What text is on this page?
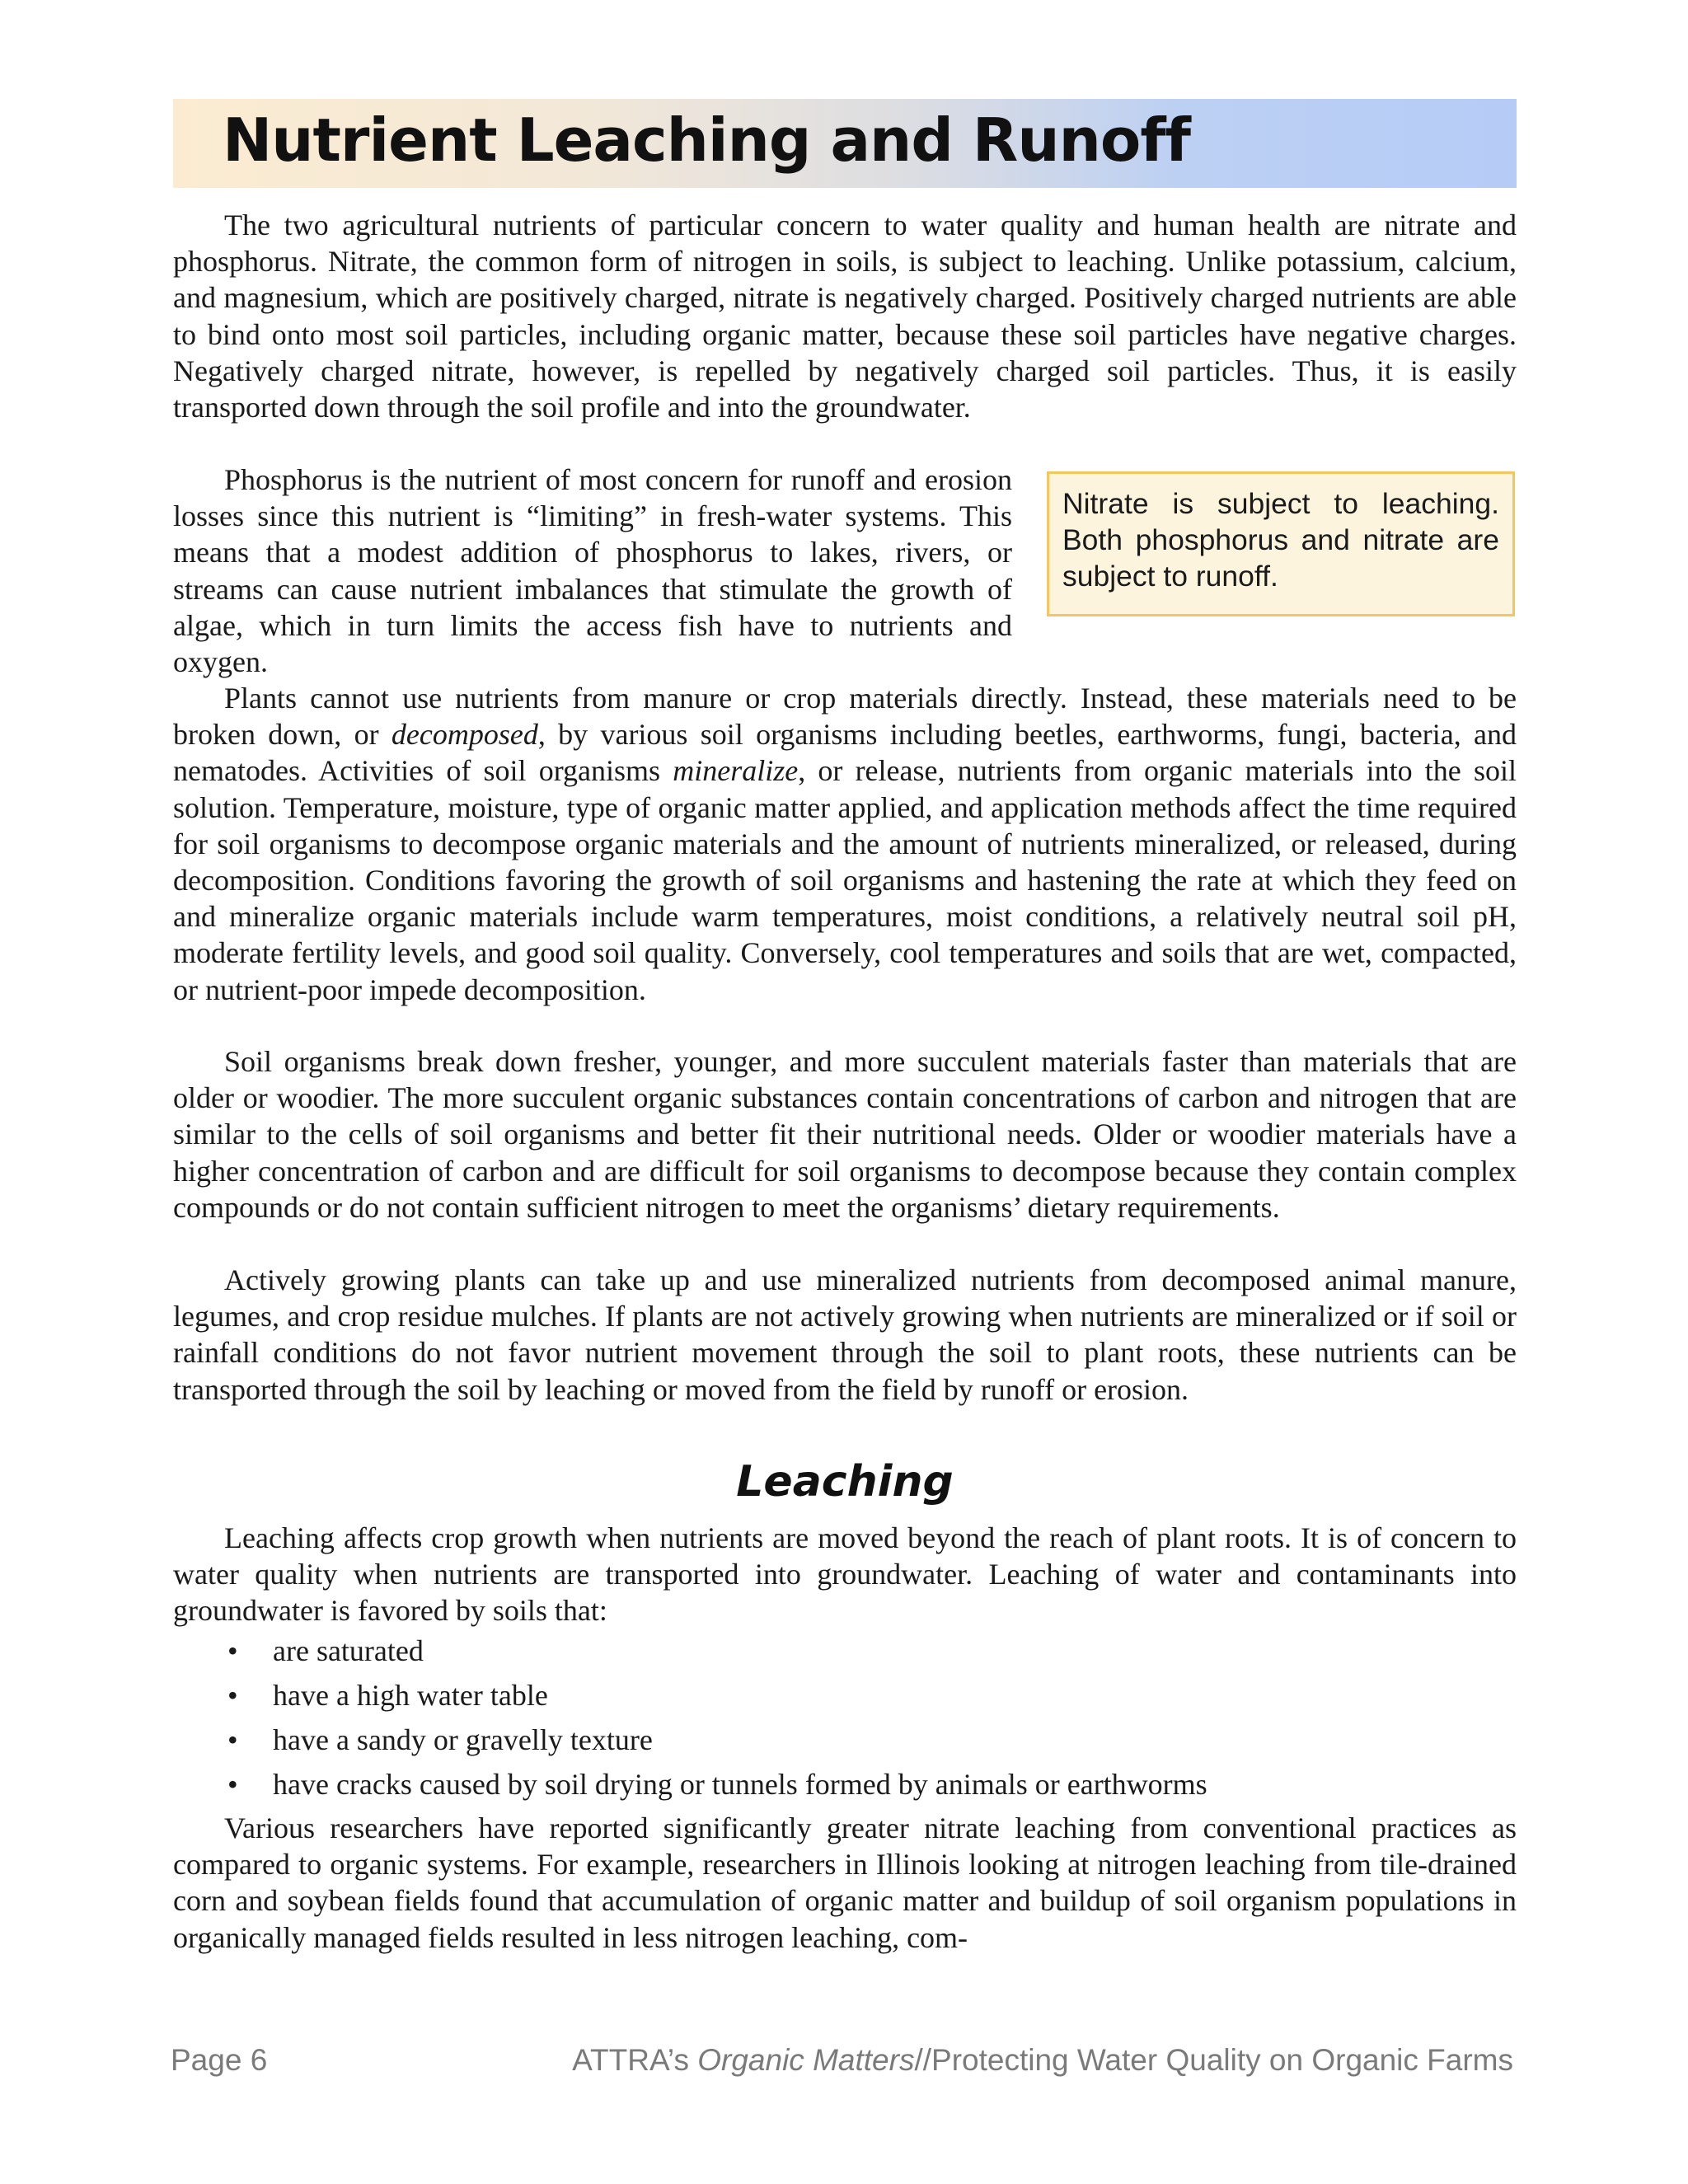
Nutrient Leaching and Runoff

The two agricultural nutrients of particular concern to water quality and human health are nitrate and phosphorus. Nitrate, the common form of nitrogen in soils, is subject to leaching. Unlike potassium, calcium, and magnesium, which are positively charged, nitrate is negatively charged. Positively charged nutrients are able to bind onto most soil particles, including organic matter, because these soil particles have negative charges. Negatively charged nitrate, however, is repelled by negatively charged soil particles. Thus, it is easily transported down through the soil profile and into the groundwater.

Phosphorus is the nutrient of most concern for runoff and erosion losses since this nutrient is “limiting” in fresh-water systems. This means that a modest addition of phosphorus to lakes, rivers, or streams can cause nutrient imbalances that stimulate the growth of algae, which in turn limits the access fish have to nutrients and oxygen.

Nitrate is subject to leaching.
Both phosphorus and nitrate are
subject to runoff.

Plants cannot use nutrients from manure or crop materials directly. Instead, these materials need to be broken down, or decomposed, by various soil organisms including beetles, earthworms, fungi, bacteria, and nematodes. Activities of soil organisms mineralize, or release, nutrients from organic materials into the soil solution. Temperature, moisture, type of organic matter applied, and application methods affect the time required for soil organisms to decompose organic materials and the amount of nutrients mineralized, or released, during decomposition. Conditions favoring the growth of soil organisms and hastening the rate at which they feed on and mineralize organic materials include warm temperatures, moist conditions, a relatively neutral soil pH, moderate fertility levels, and good soil quality. Conversely, cool temperatures and soils that are wet, compacted, or nutrient-poor impede decomposition.

Soil organisms break down fresher, younger, and more succulent materials faster than materials that are older or woodier. The more succulent organic substances contain concentrations of carbon and nitrogen that are similar to the cells of soil organisms and better fit their nutritional needs. Older or woodier materials have a higher concentration of carbon and are difficult for soil organisms to decompose because they contain complex compounds or do not contain sufficient nitrogen to meet the organisms’ dietary requirements.

Actively growing plants can take up and use mineralized nutrients from decomposed animal manure, legumes, and crop residue mulches. If plants are not actively growing when nutrients are mineralized or if soil or rainfall conditions do not favor nutrient movement through the soil to plant roots, these nutrients can be transported through the soil by leaching or moved from the field by runoff or erosion.

Leaching

Leaching affects crop growth when nutrients are moved beyond the reach of plant roots. It is of concern to water quality when nutrients are transported into groundwater. Leaching of water and contaminants into groundwater is favored by soils that:

• are saturated
• have a high water table
• have a sandy or gravelly texture
• have cracks caused by soil drying or tunnels formed by animals or earthworms

Various researchers have reported significantly greater nitrate leaching from conventional practices as compared to organic systems. For example, researchers in Illinois looking at nitrogen leaching from tile-drained corn and soybean fields found that accumulation of organic matter and buildup of soil organism populations in organically managed fields resulted in less nitrogen leaching, com-

Page 6	ATTRA’s Organic Matters//Protecting Water Quality on Organic Farms
